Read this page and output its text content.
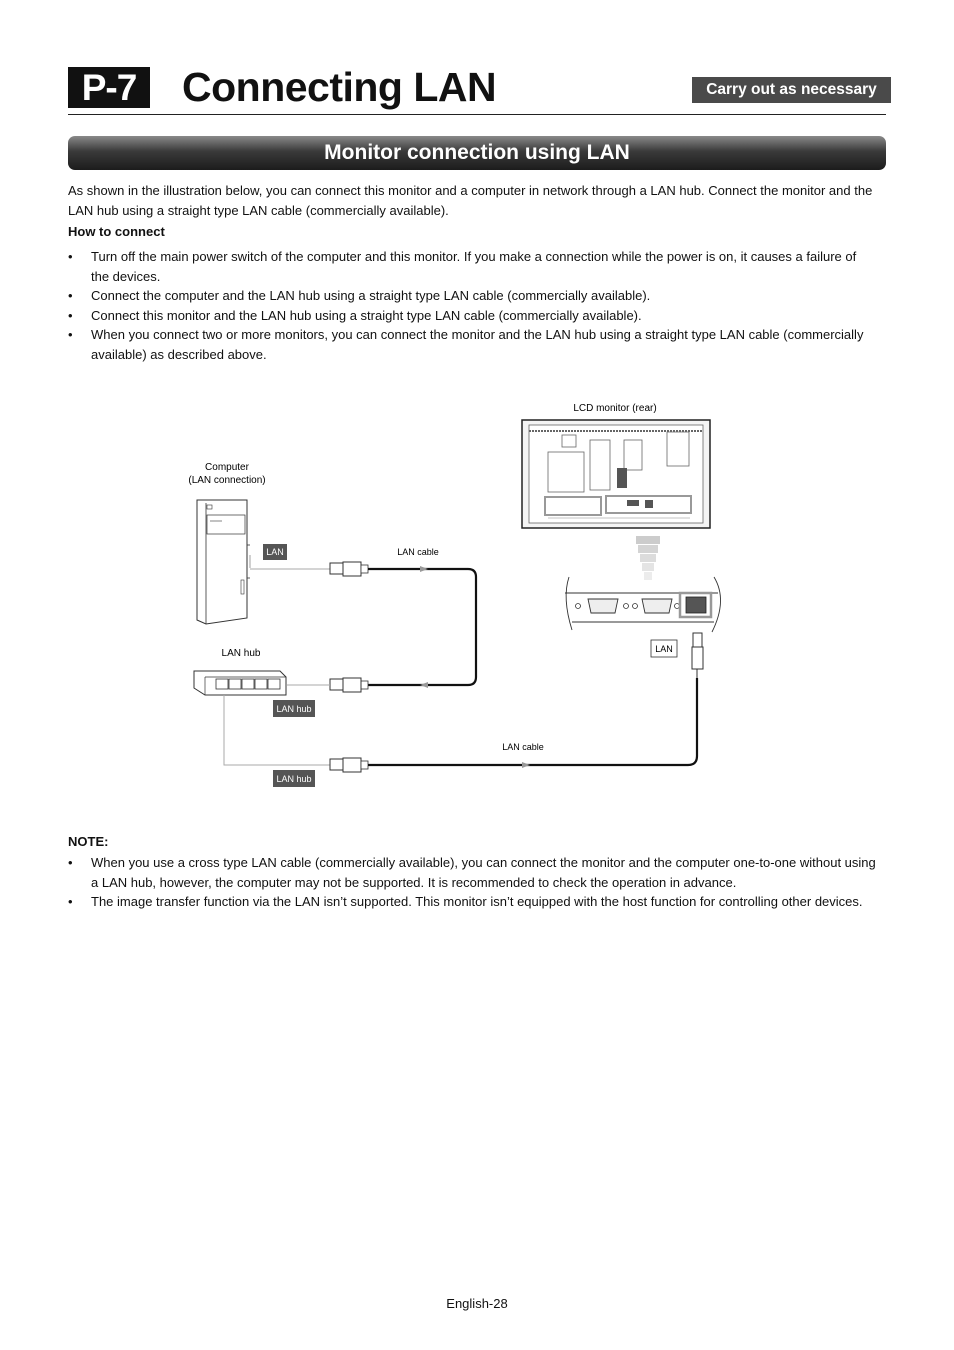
P-7	Connecting LAN	Carry out as necessary
Monitor connection using LAN
As shown in the illustration below, you can connect this monitor and a computer in network through a LAN hub. Connect the monitor and the LAN hub using a straight type LAN cable (commercially available).
How to connect
• Turn off the main power switch of the computer and this monitor. If you make a connection while the power is on, it causes a failure of the devices.
• Connect the computer and the LAN hub using a straight type LAN cable (commercially available).
• Connect this monitor and the LAN hub using a straight type LAN cable (commercially available).
• When you connect two or more monitors, you can connect the monitor and the LAN hub using a straight type LAN cable (commercially available) as described above.
LCD monitor (rear)
LAN
Computer
(LAN connection)
LAN	LAN cable
LAN hub
LAN hub
LAN cable
LAN hub
NOTE:
• When you use a cross type LAN cable (commercially available), you can connect the monitor and the computer one-to-one without using a LAN hub, however, the computer may not be supported. It is recommended to check the operation in advance.
• The image transfer function via the LAN isn’t supported. This monitor isn’t equipped with the host function for controlling other devices.
English-28
